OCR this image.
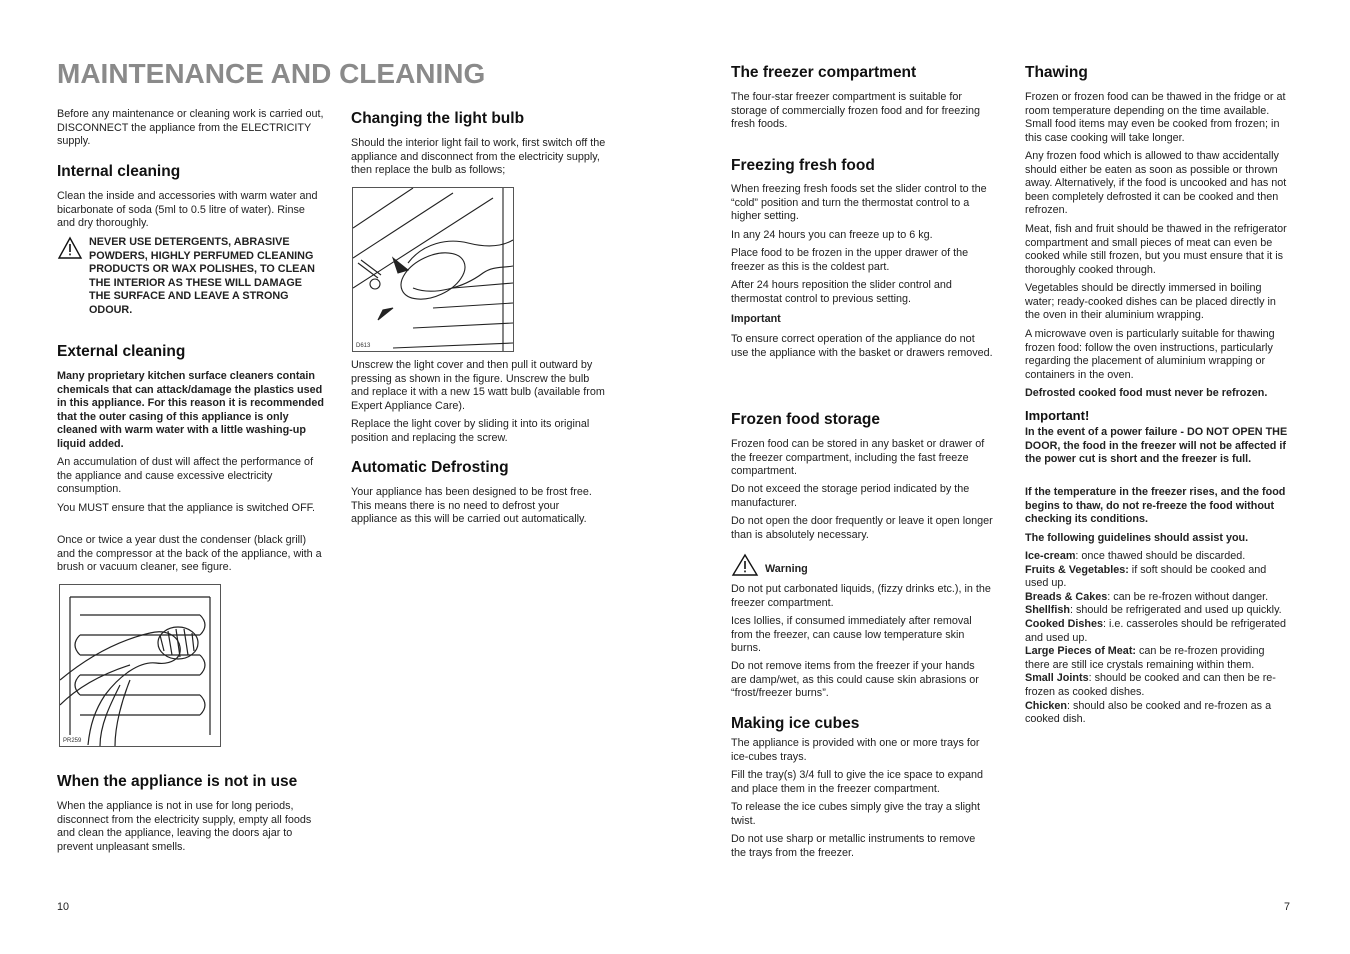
MAINTENANCE AND CLEANING

Before any maintenance or cleaning work is carried out, DISCONNECT the appliance from the ELECTRICITY supply.

Internal cleaning

Clean the inside and accessories with warm water and bicarbonate of soda (5ml to 0.5 litre of water). Rinse and dry thoroughly.

NEVER USE DETERGENTS, ABRASIVE POWDERS, HIGHLY PERFUMED CLEANING PRODUCTS OR WAX POLISHES, TO CLEAN THE INTERIOR AS THESE WILL DAMAGE THE SURFACE AND LEAVE A STRONG ODOUR.

External cleaning

Many proprietary kitchen surface cleaners contain chemicals that can attack/damage the plastics used in this appliance. For this reason it is recommended that the outer casing of this appliance is only cleaned with warm water with a little washing-up liquid added.

An accumulation of dust will affect the performance of the appliance and cause excessive electricity consumption.

You MUST ensure that the appliance is switched OFF.

Once or twice a year dust the condenser (black grill) and the compressor at the back of the appliance, with a brush or vacuum cleaner, see figure.

PR259
When the appliance is not in use

When the appliance is not in use for long periods, disconnect from the electricity supply, empty all foods and clean the appliance, leaving the doors ajar to prevent unpleasant smells.

Changing the light bulb

Should the interior light fail to work, first switch off the appliance and disconnect from the electricity supply, then replace the bulb as follows;

D613

Unscrew the light cover and then pull it outward by pressing as shown in the figure. Unscrew the bulb and replace it with a new 15 watt bulb (available from Expert Appliance Care).

Replace the light cover by sliding it into its original position and replacing the screw.

Automatic Defrosting

Your appliance has been designed to be frost free. This means there is no need to defrost your appliance as this will be carried out automatically.

The freezer compartment

The four-star freezer compartment is suitable for storage of commercially frozen food and for freezing fresh foods.

Freezing fresh food

When freezing fresh foods set the slider control to the “cold” position and turn the thermostat control to a higher setting.

In any 24 hours you can freeze up to 6 kg.

Place food to be frozen in the upper drawer of the freezer as this is the coldest part.

After 24 hours reposition the slider control and thermostat control to previous setting.

Important

To ensure correct operation of the appliance do not use the appliance with the basket or drawers removed.

Frozen food storage

Frozen food can be stored in any basket or drawer of the freezer compartment, including the fast freeze compartment.

Do not exceed the storage period indicated by the manufacturer.

Do not open the door frequently or leave it open longer than is absolutely necessary.

Warning

Do not put carbonated liquids, (fizzy drinks etc.), in the freezer compartment.

Ices lollies, if consumed immediately after removal from the freezer, can cause low temperature skin burns.

Do not remove items from the freezer if your hands are damp/wet, as this could cause skin abrasions or “frost/freezer burns”.

Making ice cubes

The appliance is provided with one or more trays for ice-cubes trays.

Fill the tray(s) 3/4 full to give the ice space to expand and place them in the freezer compartment.

To release the ice cubes simply give the tray a slight twist.

Do not use sharp or metallic instruments to remove the trays from the freezer.

Thawing

Frozen or frozen food can be thawed in the fridge or at room temperature depending on the time available. Small food items may even be cooked from frozen; in this case cooking will take longer.

Any frozen food which is allowed to thaw accidentally should either be eaten as soon as possible or thrown away. Alternatively, if the food is uncooked and has not been completely defrosted it can be cooked and then refrozen.

Meat, fish and fruit should be thawed in the refrigerator compartment and small pieces of meat can even be cooked while still frozen, but you must ensure that it is thoroughly cooked through.

Vegetables should be directly immersed in boiling water; ready-cooked dishes can be placed directly in the oven in their aluminium wrapping.

A microwave oven is particularly suitable for thawing frozen food: follow the oven instructions, particularly regarding the placement of aluminium wrapping or containers in the oven.

Defrosted cooked food must never be refrozen.

Important!

In the event of a power failure - DO NOT OPEN THE DOOR, the food in the freezer will not be affected if the power cut is short and the freezer is full.

If the temperature in the freezer rises, and the food begins to thaw, do not re-freeze the food without checking its conditions.

The following guidelines should assist you.

Ice-cream: once thawed should be discarded.

Fruits & Vegetables: if soft should be cooked and used up.

Breads & Cakes: can be re-frozen without danger.

Shellfish: should be refrigerated and used up quickly.

Cooked Dishes: i.e. casseroles should be refrigerated and used up.

Large Pieces of Meat: can be re-frozen providing there are still ice crystals remaining within them.

Small Joints: should be cooked and can then be re-frozen as cooked dishes.

Chicken: should also be cooked and re-frozen as a cooked dish.

10	7
